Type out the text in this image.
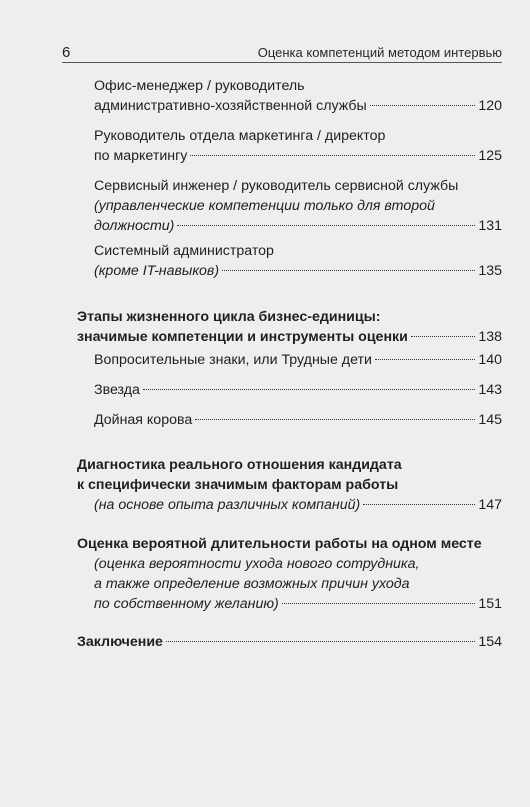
6	Оценка компетенций методом интервью
Офис-менеджер / руководитель
административно-хозяйственной службы	120
Руководитель отдела маркетинга / директор
по маркетингу	125
Сервисный инженер / руководитель сервисной службы
(управленческие компетенции только для второй
должности)	131
Системный администратор
(кроме IT-навыков)	135
Этапы жизненного цикла бизнес-единицы:
значимые компетенции и инструменты оценки	138
Вопросительные знаки, или Трудные дети	140
Звезда	143
Дойная корова	145
Диагностика реального отношения кандидата
к специфически значимым факторам работы
(на основе опыта различных компаний)	147
Оценка вероятной длительности работы на одном месте
(оценка вероятности ухода нового сотрудника,
а также определение возможных причин ухода
по собственному желанию)	151
Заключение	154
